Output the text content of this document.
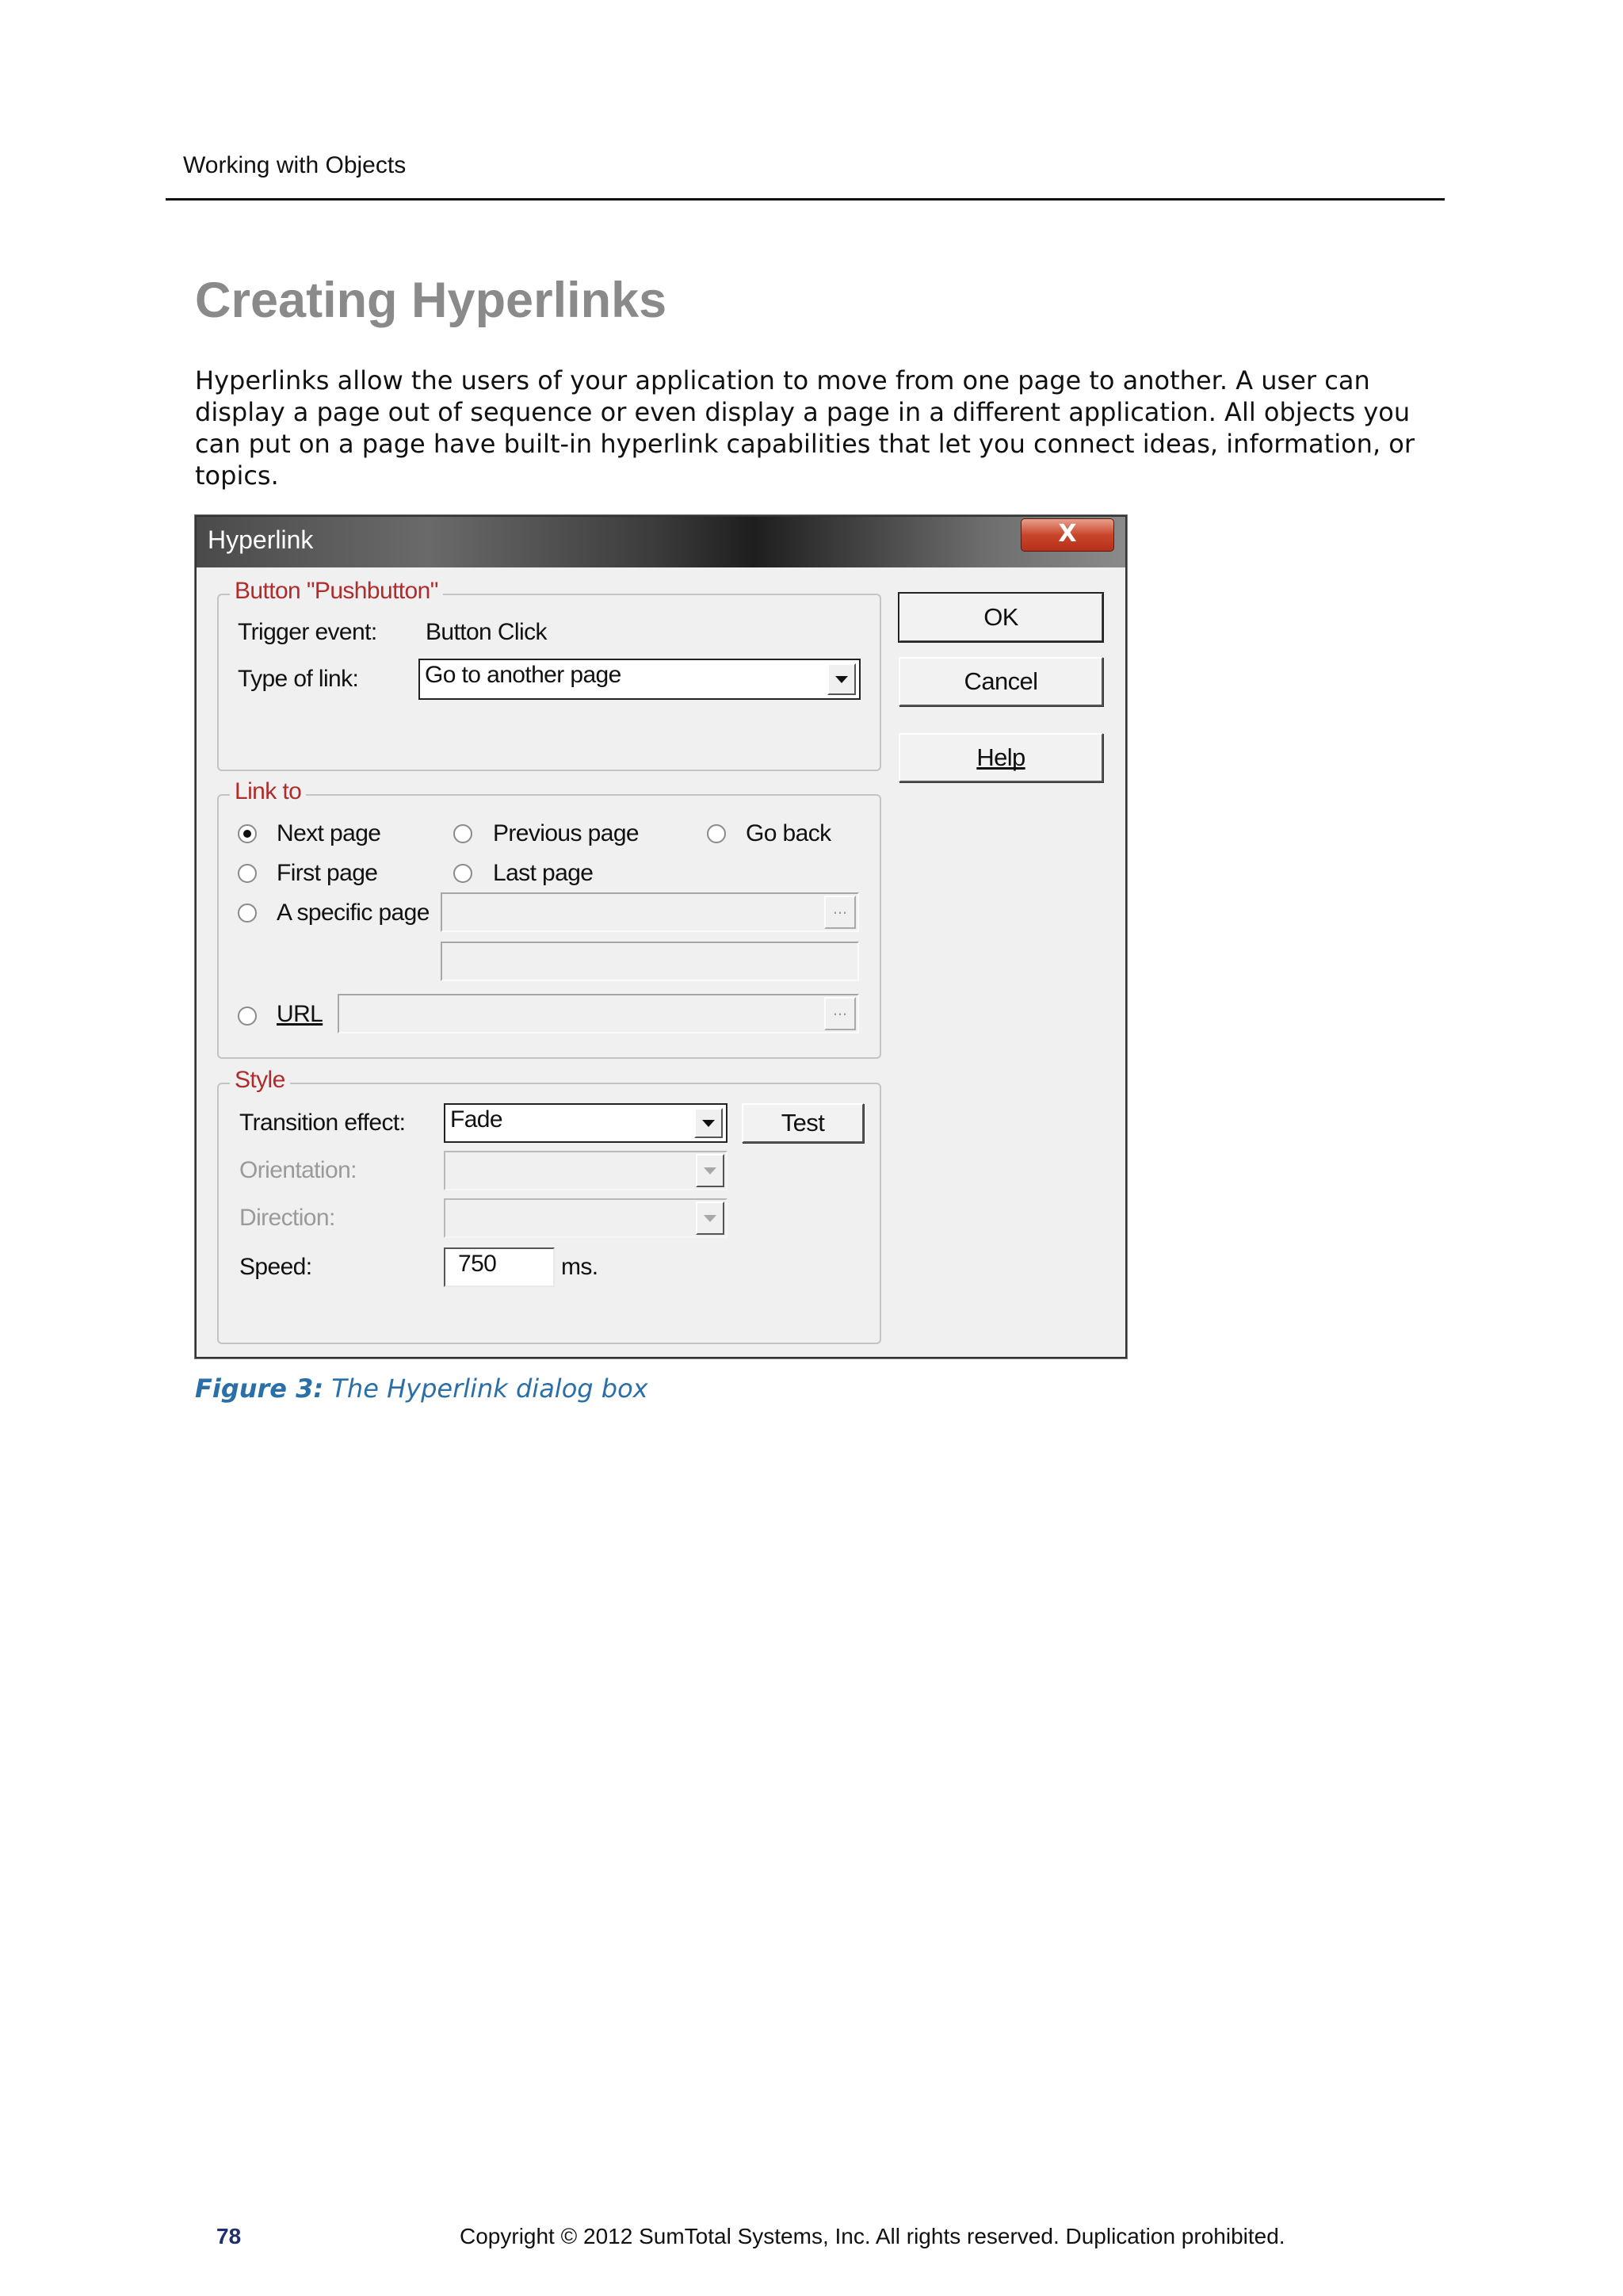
Working with Objects
Creating Hyperlinks
Hyperlinks allow the users of your application to move from one page to another. A user can
display a page out of sequence or even display a page in a different application. All objects you
can put on a page have built-in hyperlink capabilities that let you connect ideas, information, or
topics.
Hyperlink	X
Button "Pushbutton"
Trigger event: Button Click
Type of link:	Go to another page
OK
Cancel
Help
Link to
Next page	Previous page	Go back
First page	Last page
A specific page	...
URL	...
Style
Transition effect: Fade	Test
Orientation:
Direction:
Speed:	750	ms.
Figure 3: The Hyperlink dialog box
78	Copyright © 2012 SumTotal Systems, Inc. All rights reserved. Duplication prohibited.
